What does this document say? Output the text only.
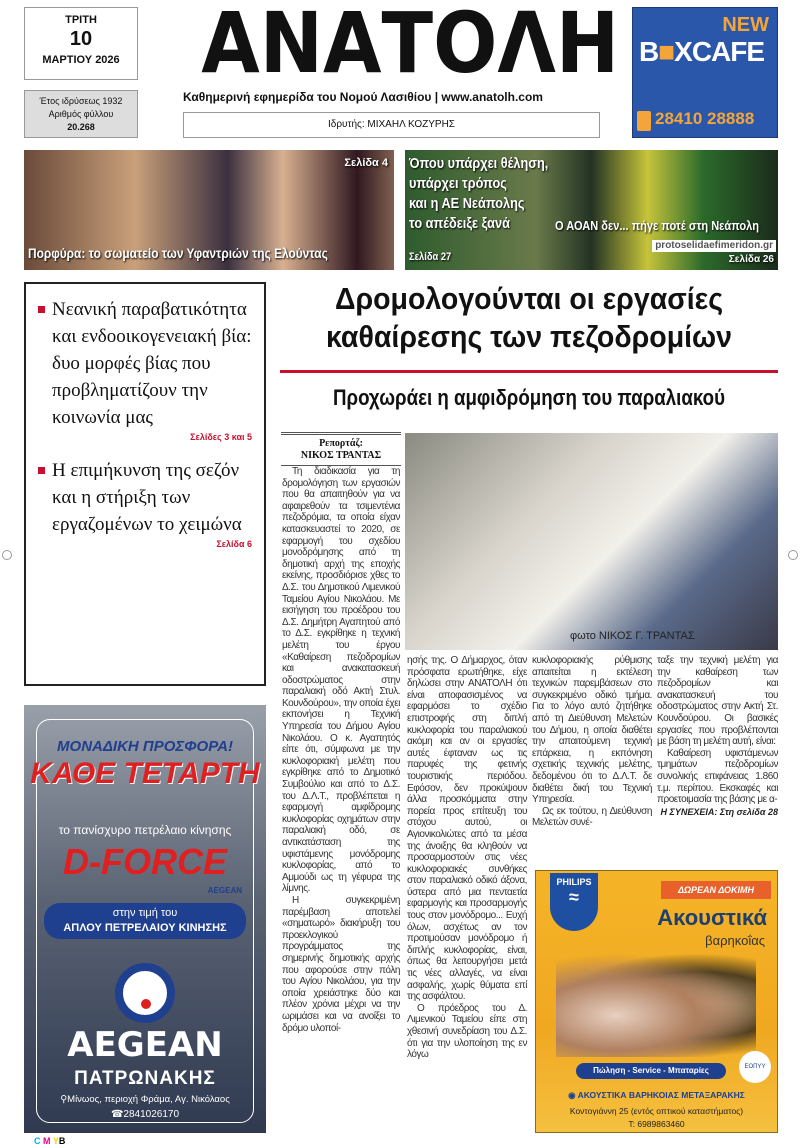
ΤΡΙΤΗ
10
ΜΑΡΤΙΟΥ 2026
Έτος ιδρύσεως 1932
Αριθμός φύλλου
20.268
ΑΝΑΤΟΛΗ
Καθημερινή εφημερίδα του Νομού Λασιθίου | www.anatolh.com
Ιδρυτής: ΜΙΧΑΗΛ ΚΟΖΥΡΗΣ
NEW
B■XCAFE
28410 28888
Σελίδα 4
Πορφύρα: το σωματείο των Υφαντριών της Ελούντας
Όπου υπάρχει θέληση,
υπάρχει τρόπος
και η ΑΕ Νεάπολης
το απέδειξε ξανά
Σελίδα 27
Ο ΑΟΑΝ δεν... πήγε ποτέ στη Νεάπολη
protoselidaefimeridon.gr
Σελίδα 26
Νεανική παραβατικότητα και ενδοοικογενειακή βία: δυο μορφές βίας που προβληματίζουν την κοινωνία μας
Σελίδες 3 και 5
Η επιμήκυνση της σεζόν και η στήριξη των εργαζομένων το χειμώνα
Σελίδα 6
Δρομολογούνται οι εργασίες καθαίρεσης των πεζοδρομίων
Προχωράει η αμφιδρόμηση του παραλιακού
Ρεπορτάζ:
ΝΙΚΟΣ ΤΡΑΝΤΑΣ
φωτο ΝΙΚΟΣ Γ. ΤΡΑΝΤΑΣ

Τη διαδικασία για τη δρομολόγηση των εργασιών που θα απαιτηθούν για να αφαιρεθούν τα τσιμεντένια πεζοδρόμια, τα οποία είχαν κατασκευαστεί το 2020, σε εφαρμογή του σχεδίου μονοδρόμησης από τη δημοτική αρχή της εποχής εκείνης, προσδιόρισε χθες το Δ.Σ. του Δημοτικού Λιμενικού Ταμείου Αγίου Νικολάου. Με εισήγηση του προέδρου του Δ.Σ. Δημήτρη Αγαπητού από το Δ.Σ. εγκρίθηκε η τεχνική μελέτη του έργου «Καθαίρεση πεζοδρομίων και ανακατασκευή οδοστρώματος στην παραλιακή οδό Ακτή Στυλ. Κουνδούρου», την οποία έχει εκπονήσει η Τεχνική Υπηρεσία του Δήμου Αγίου Νικολάου. Ο κ. Αγαπητός είπε ότι, σύμφωνα με την κυκλοφοριακή μελέτη που εγκρίθηκε από το Δημοτικό Συμβούλιο και από το Δ.Σ. του Δ.Λ.Τ., προβλέπεται η εφαρμογή αμφίδρομης κυκλοφορίας οχημάτων στην παραλιακή οδό, σε αντικατάσταση της υφιστάμενης μονόδρομης κυκλοφορίας, από το Αμμούδι ως τη γέφυρα της λίμνης.

Η συγκεκριμένη παρέμβαση αποτελεί «σηματωρό» διακήρυξη του προεκλογικού προγράμματος της σημερινής δημοτικής αρχής που αφορούσε στην πόλη του Αγίου Νικολάου, για την οποία χρειάστηκε δύο και πλέον χρόνια μέχρι να την ωριμάσει και να ανοίξει το δρόμο υλοποί-

ησής της. Ο Δήμαρχος, όταν πρόσφατα ερωτήθηκε, είχε δηλώσει στην ΑΝΑΤΟΛΗ ότι είναι αποφασισμένος να εφαρμόσει το σχέδιο επιστροφής στη διπλή κυκλοφορία του παραλιακού ακόμη και αν οι εργασίες αυτές έφταναν ως τις παρυφές της φετινής τουριστικής περιόδου. Εφόσον, δεν προκύψουν άλλα προσκόμματα στην πορεία προς επίτευξη του στόχου αυτού, οι Αγιονικολιώτες από τα μέσα της άνοιξης θα κληθούν να προσαρμοστούν στις νέες κυκλοφοριακές συνθήκες στον παραλιακό οδικό άξονα, ύστερα από μια πενταετία εφαρμογής και προσαρμογής τους στον μονόδρομο... Ευχή όλων, ασχέτως αν τον προτιμούσαν μονόδρομο ή διπλής κυκλοφορίας, είναι, όπως θα λειτουργήσει μετά τις νέες αλλαγές, να είναι ασφαλής, χωρίς θύματα επί της ασφάλτου.

Ο πρόεδρος του Δ. Λιμενικού Ταμείου είπε στη χθεσινή συνεδρίαση του Δ.Σ. ότι για την υλοποίηση της εν λόγω

κυκλοφοριακής ρύθμισης απαιτείται η εκτέλεση τεχνικών παρεμβάσεων στο συγκεκριμένο οδικό τμήμα. Για το λόγο αυτό ζητήθηκε από τη Διεύθυνση Μελετών του Δήμου, η οποία διαθέτει την απαιτούμενη τεχνική επάρκεια, η εκπόνηση σχετικής τεχνικής μελέτης, δεδομένου ότι το Δ.Λ.Τ. δε διαθέτει δική του Τεχνική Υπηρεσία.

Ως εκ τούτου, η Διεύθυνση Μελετών συνέ-

ταξε την τεχνική μελέτη για την καθαίρεση των πεζοδρομίων και ανακατασκευή του οδοστρώματος στην Ακτή Στ. Κουνδούρου. Οι βασικές εργασίες που προβλέπονται με βάση τη μελέτη αυτή, είναι:

Καθαίρεση υφιστάμενων τμημάτων πεζοδρομίων συνολικής επιφάνειας 1.860 τ.μ. περίπου. Εκσκαφές και προετοιμασία της βάσης με α-

Η ΣΥΝΕΧΕΙΑ: Στη σελίδα 28

ΜΟΝΑΔΙΚΗ ΠΡΟΣΦΟΡΑ!
ΚΑΘΕ ΤΕΤΑΡΤΗ
το πανίσχυρο πετρέλαιο κίνησης
D-FORCE
AEGEAN
στην τιμή του
ΑΠΛΟΥ ΠΕΤΡΕΛΑΙΟΥ ΚΙΝΗΣΗΣ
AEGEAN
ΠΑΤΡΩΝΑΚΗΣ
⚲Μίνωος, περιοχή Φράμα, Αγ. Νικόλαος
☎2841026170
PHILIPS
≈	ΔΩΡΕΑΝ ΔΟΚΙΜΗ
Ακουστικά
βαρηκοΐας
Πώληση - Service - Μπαταρίες	ΕΟΠΥΥ
◉ ΑΚΟΥΣΤΙΚΑ ΒΑΡΗΚΟΙΑΣ ΜΕΤΑΞΑΡΑΚΗΣ
Κοντογιάννη 25 (εντός οπτικού καταστήματος)
Τ: 6989863460
C M YB
